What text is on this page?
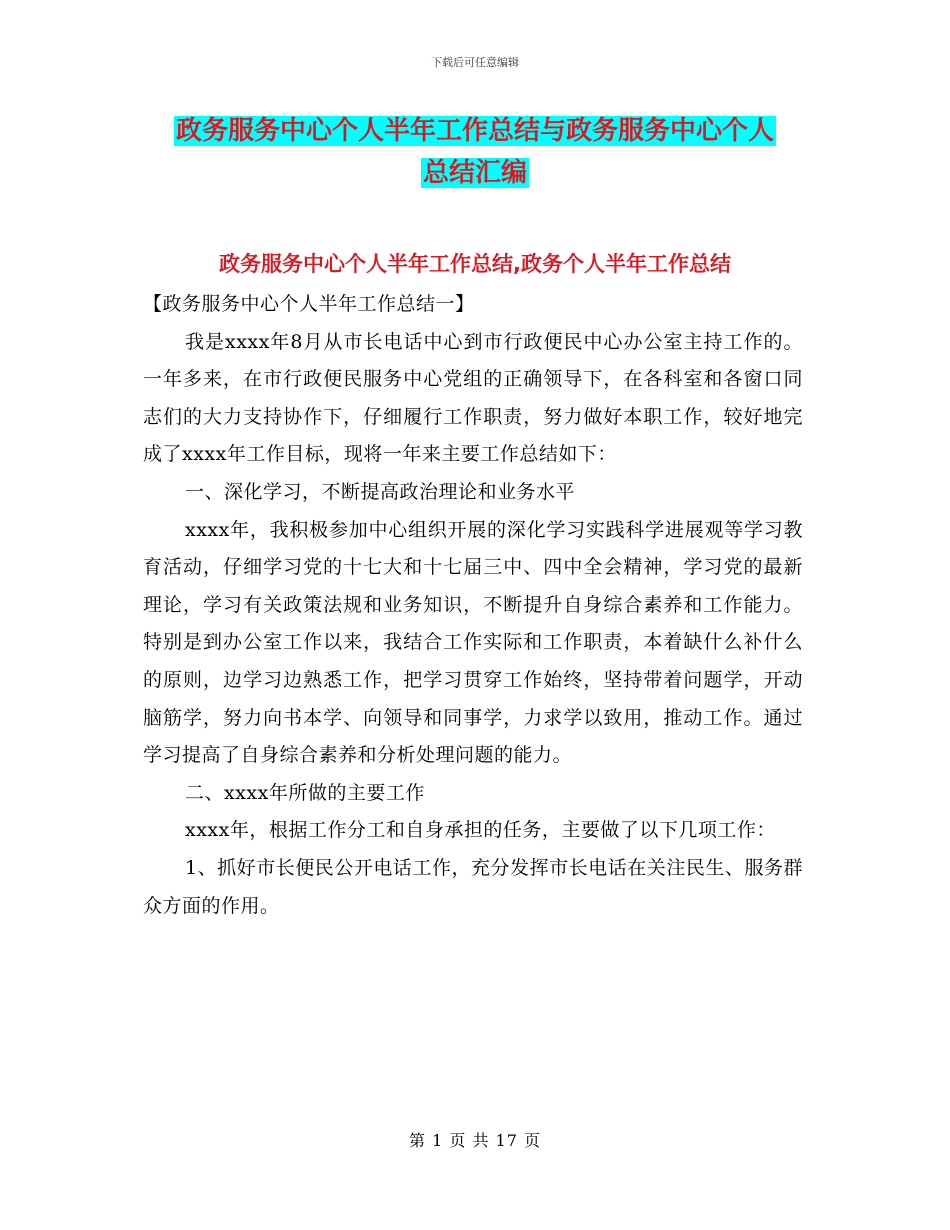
下载后可任意编辑
政务服务中心个人半年工作总结与政务服务中心个人
总结汇编
政务服务中心个人半年工作总结,政务个人半年工作总结

【政务服务中心个人半年工作总结一】

我是xxxx年8月从市长电话中心到市行政便民中心办公室主持工作的。一年多来，在市行政便民服务中心党组的正确领导下，在各科室和各窗口同志们的大力支持协作下，仔细履行工作职责，努力做好本职工作，较好地完成了xxxx年工作目标，现将一年来主要工作总结如下：

一、深化学习，不断提高政治理论和业务水平

xxxx年，我积极参加中心组织开展的深化学习实践科学进展观等学习教育活动，仔细学习党的十七大和十七届三中、四中全会精神，学习党的最新理论，学习有关政策法规和业务知识，不断提升自身综合素养和工作能力。特别是到办公室工作以来，我结合工作实际和工作职责，本着缺什么补什么的原则，边学习边熟悉工作，把学习贯穿工作始终，坚持带着问题学，开动脑筋学，努力向书本学、向领导和同事学，力求学以致用，推动工作。通过学习提高了自身综合素养和分析处理问题的能力。

二、xxxx年所做的主要工作

xxxx年，根据工作分工和自身承担的任务，主要做了以下几项工作：

1、抓好市长便民公开电话工作，充分发挥市长电话在关注民生、服务群众方面的作用。

第 1 页 共 17 页
